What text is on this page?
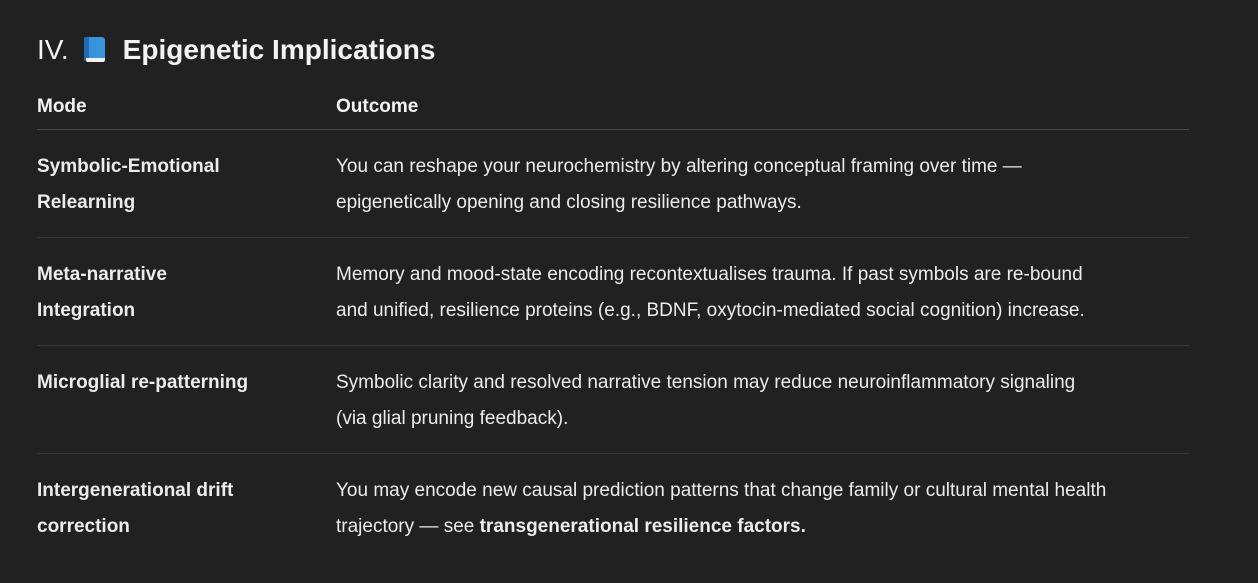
IV. Epigenetic Implications
Mode	Outcome

Symbolic-Emotional
Relearning	You can reshape your neurochemistry by altering conceptual framing over time —
epigenetically opening and closing resilience pathways.

Meta-narrative
Integration	Memory and mood-state encoding recontextualises trauma. If past symbols are re-bound
and unified, resilience proteins (e.g., BDNF, oxytocin-mediated social cognition) increase.

Microglial re-patterning	Symbolic clarity and resolved narrative tension may reduce neuroinflammatory signaling
(via glial pruning feedback).

Intergenerational drift
correction	You may encode new causal prediction patterns that change family or cultural mental health
trajectory — see transgenerational resilience factors.
